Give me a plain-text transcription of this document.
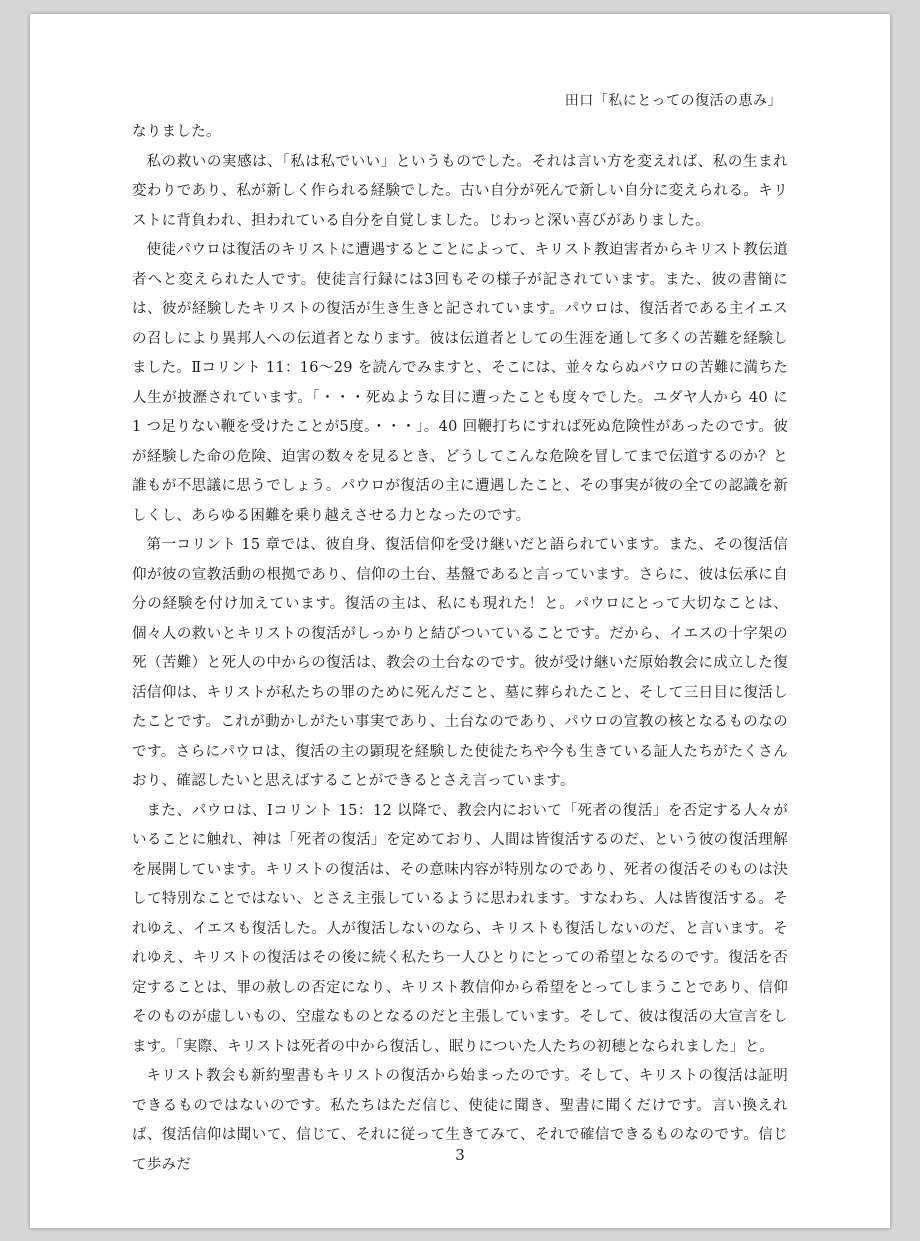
田口「私にとっての復活の恵み」

なりました。

私の救いの実感は、「私は私でいい」というものでした。それは言い方を変えれば、私の生まれ変わりであり、私が新しく作られる経験でした。古い自分が死んで新しい自分に変えられる。キリストに背負われ、担われている自分を自覚しました。じわっと深い喜びがありました。

使徒パウロは復活のキリストに遭遇するとことによって、キリスト教迫害者からキリスト教伝道者へと変えられた人です。使徒言行録には3回もその様子が記されています。また、彼の書簡には、彼が経験したキリストの復活が生き生きと記されています。パウロは、復活者である主イエスの召しにより異邦人への伝道者となります。彼は伝道者としての生涯を通して多くの苦難を経験しました。Ⅱコリント 11：16〜29 を読んでみますと、そこには、並々ならぬパウロの苦難に満ちた人生が披瀝されています。「・・・死ぬような目に遭ったことも度々でした。ユダヤ人から 40 に 1 つ足りない鞭を受けたことが5度。・・・」。40 回鞭打ちにすれば死ぬ危険性があったのです。彼が経験した命の危険、迫害の数々を見るとき、どうしてこんな危険を冒してまで伝道するのか？と誰もが不思議に思うでしょう。パウロが復活の主に遭遇したこと、その事実が彼の全ての認識を新しくし、あらゆる困難を乗り越えさせる力となったのです。

第一コリント 15 章では、彼自身、復活信仰を受け継いだと語られています。また、その復活信仰が彼の宣教活動の根拠であり、信仰の土台、基盤であると言っています。さらに、彼は伝承に自分の経験を付け加えています。復活の主は、私にも現れた！と。パウロにとって大切なことは、個々人の救いとキリストの復活がしっかりと結びついていることです。だから、イエスの十字架の死（苦難）と死人の中からの復活は、教会の土台なのです。彼が受け継いだ原始教会に成立した復活信仰は、キリストが私たちの罪のために死んだこと、墓に葬られたこと、そして三日目に復活したことです。これが動かしがたい事実であり、土台なのであり、パウロの宣教の核となるものなのです。さらにパウロは、復活の主の顕現を経験した使徒たちや今も生きている証人たちがたくさんおり、確認したいと思えばすることができるとさえ言っています。

また、パウロは、Ⅰコリント 15：12 以降で、教会内において「死者の復活」を否定する人々がいることに触れ、神は「死者の復活」を定めており、人間は皆復活するのだ、という彼の復活理解を展開しています。キリストの復活は、その意味内容が特別なのであり、死者の復活そのものは決して特別なことではない、とさえ主張しているように思われます。すなわち、人は皆復活する。それゆえ、イエスも復活した。人が復活しないのなら、キリストも復活しないのだ、と言います。それゆえ、キリストの復活はその後に続く私たち一人ひとりにとっての希望となるのです。復活を否定することは、罪の赦しの否定になり、キリスト教信仰から希望をとってしまうことであり、信仰そのものが虚しいもの、空虚なものとなるのだと主張しています。そして、彼は復活の大宣言をします。「実際、キリストは死者の中から復活し、眠りについた人たちの初穂となられました」と。

キリスト教会も新約聖書もキリストの復活から始まったのです。そして、キリストの復活は証明できるものではないのです。私たちはただ信じ、使徒に聞き、聖書に聞くだけです。言い換えれば、復活信仰は聞いて、信じて、それに従って生きてみて、それで確信できるものなのです。信じて歩みだ

3
